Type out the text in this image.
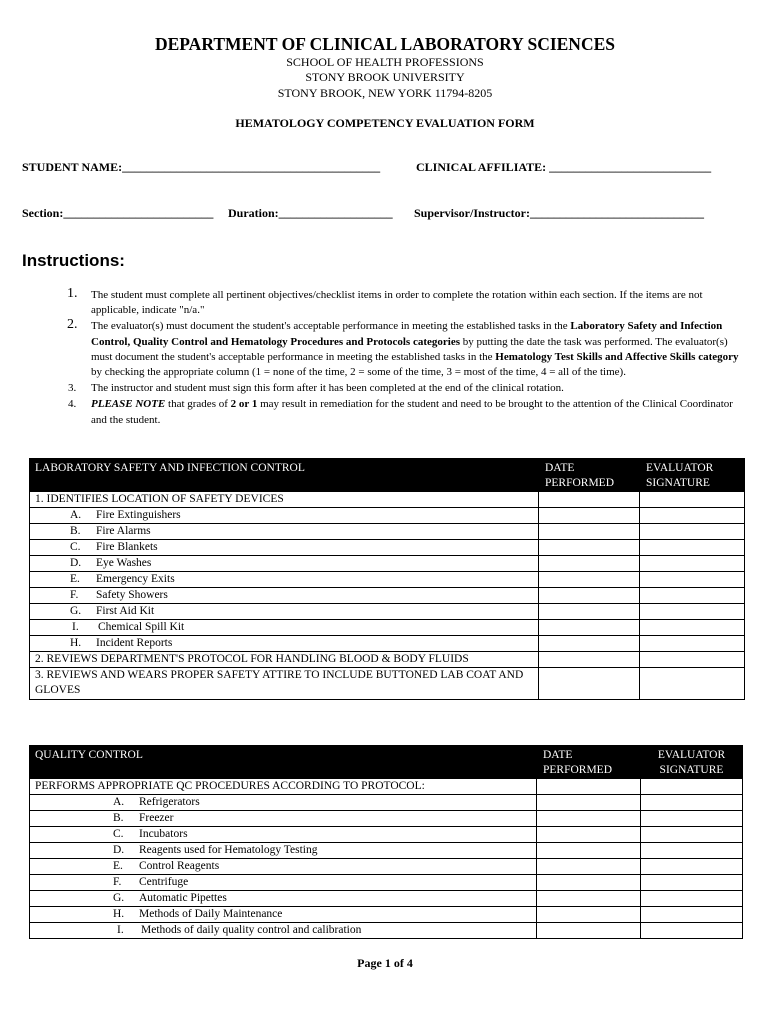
DEPARTMENT OF CLINICAL LABORATORY SCIENCES
SCHOOL OF HEALTH PROFESSIONS
STONY BROOK UNIVERSITY
STONY BROOK, NEW YORK 11794-8205
HEMATOLOGY COMPETENCY EVALUATION FORM
STUDENT NAME:___________________________________________	CLINICAL AFFILIATE: ___________________________
Section:_________________________ Duration:___________________ Supervisor/Instructor:_____________________________
Instructions:
1. The student must complete all pertinent objectives/checklist items in order to complete the rotation within each section. If the items are not applicable, indicate "n/a."
2. The evaluator(s) must document the student's acceptable performance in meeting the established tasks in the Laboratory Safety and Infection Control, Quality Control and Hematology Procedures and Protocols categories by putting the date the task was performed. The evaluator(s) must document the student's acceptable performance in meeting the established tasks in the Hematology Test Skills and Affective Skills category by checking the appropriate column (1 = none of the time, 2 = some of the time, 3 = most of the time, 4 = all of the time).
3. The instructor and student must sign this form after it has been completed at the end of the clinical rotation.
4. PLEASE NOTE that grades of 2 or 1 may result in remediation for the student and need to be brought to the attention of the Clinical Coordinator and the student.
LABORATORY SAFETY AND INFECTION CONTROL	DATE PERFORMED	EVALUATOR SIGNATURE
1. IDENTIFIES LOCATION OF SAFETY DEVICES		
A. Fire Extinguishers		
B. Fire Alarms		
C. Fire Blankets		
D. Eye Washes		
E. Emergency Exits		
F. Safety Showers		
G. First Aid Kit		
I. Chemical Spill Kit		
H. Incident Reports		
2. REVIEWS DEPARTMENT'S PROTOCOL FOR HANDLING BLOOD & BODY FLUIDS		
3. REVIEWS AND WEARS PROPER SAFETY ATTIRE TO INCLUDE BUTTONED LAB COAT AND GLOVES		
QUALITY CONTROL	DATE PERFORMED	EVALUATOR SIGNATURE
PERFORMS APPROPRIATE QC PROCEDURES ACCORDING TO PROTOCOL:		
A. Refrigerators		
B. Freezer		
C. Incubators		
D. Reagents used for Hematology Testing		
E. Control Reagents		
F. Centrifuge		
G. Automatic Pipettes		
H. Methods of Daily Maintenance		
I. Methods of daily quality control and calibration		
Page 1 of 4
